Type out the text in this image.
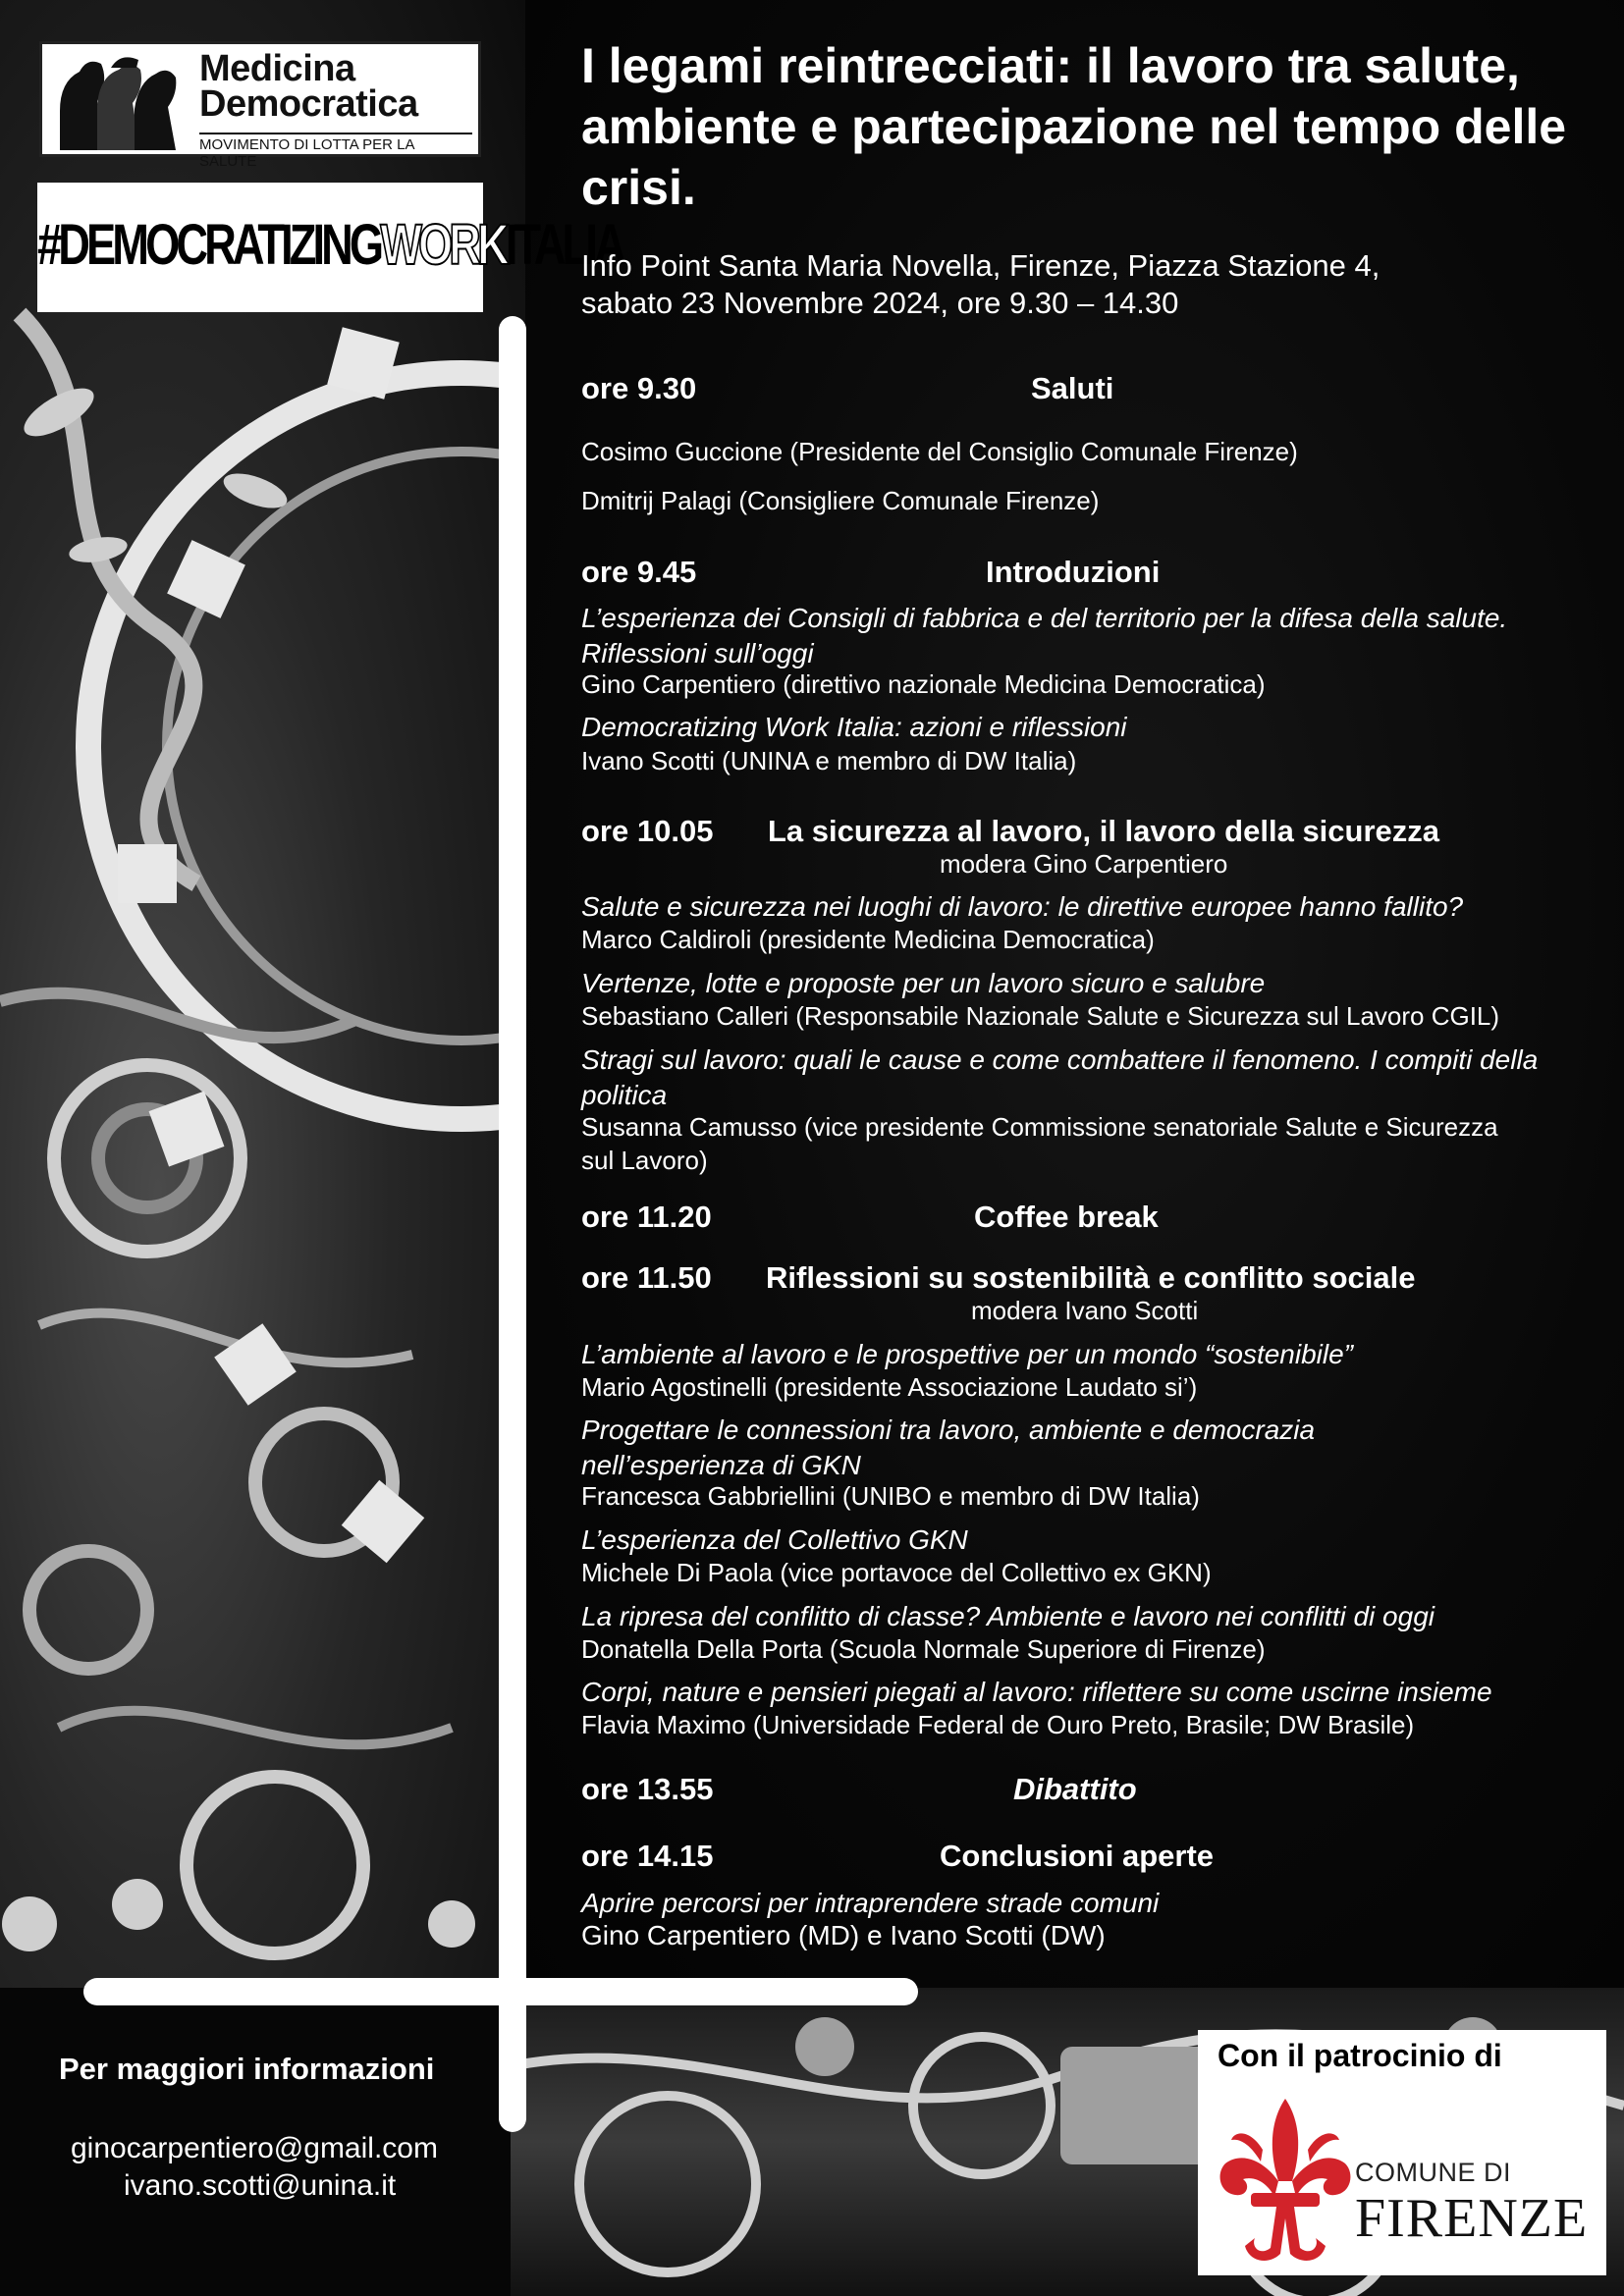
Medicina
Democratica
MOVIMENTO DI LOTTA PER LA SALUTE
#DEMOCRATIZINGWORKITALIA
I legami reintrecciati: il lavoro tra salute, ambiente e partecipazione nel tempo delle crisi.
Info Point Santa Maria Novella, Firenze, Piazza Stazione 4,
sabato 23 Novembre 2024, ore 9.30 – 14.30
ore 9.30	Saluti
Cosimo Guccione (Presidente del Consiglio Comunale Firenze)
Dmitrij Palagi (Consigliere Comunale Firenze)
ore 9.45	Introduzioni
L’esperienza dei Consigli di fabbrica e del territorio per la difesa della salute. Riflessioni sull’oggi
Gino Carpentiero (direttivo nazionale Medicina Democratica)
Democratizing Work Italia: azioni e riflessioni
Ivano Scotti (UNINA e membro di DW Italia)
ore 10.05 La sicurezza al lavoro, il lavoro della sicurezza
modera Gino Carpentiero
Salute e sicurezza nei luoghi di lavoro: le direttive europee hanno fallito?
Marco Caldiroli (presidente Medicina Democratica)
Vertenze, lotte e proposte per un lavoro sicuro e salubre
Sebastiano Calleri (Responsabile Nazionale Salute e Sicurezza sul Lavoro CGIL)
Stragi sul lavoro: quali le cause e come combattere il fenomeno. I compiti della politica
Susanna Camusso (vice presidente Commissione senatoriale Salute e Sicurezza sul Lavoro)
ore 11.20	Coffee break
ore 11.50 Riflessioni su sostenibilità e conflitto sociale
modera Ivano Scotti
L’ambiente al lavoro e le prospettive per un mondo “sostenibile”
Mario Agostinelli (presidente Associazione Laudato si’)
Progettare le connessioni tra lavoro, ambiente e democrazia nell’esperienza di GKN
Francesca Gabbriellini (UNIBO e membro di DW Italia)
L’esperienza del Collettivo GKN
Michele Di Paola (vice portavoce del Collettivo ex GKN)
La ripresa del conflitto di classe? Ambiente e lavoro nei conflitti di oggi
Donatella Della Porta (Scuola Normale Superiore di Firenze)
Corpi, nature e pensieri piegati al lavoro: riflettere su come uscirne insieme
Flavia Maximo (Universidade Federal de Ouro Preto, Brasile; DW Brasile)
ore 13.55	Dibattito
ore 14.15	Conclusioni aperte
Aprire percorsi per intraprendere strade comuni
Gino Carpentiero (MD) e Ivano Scotti (DW)
Per maggiori informazioni
ginocarpentiero@gmail.com
ivano.scotti@unina.it
Con il patrocinio di
COMUNE DI
FIRENZE
